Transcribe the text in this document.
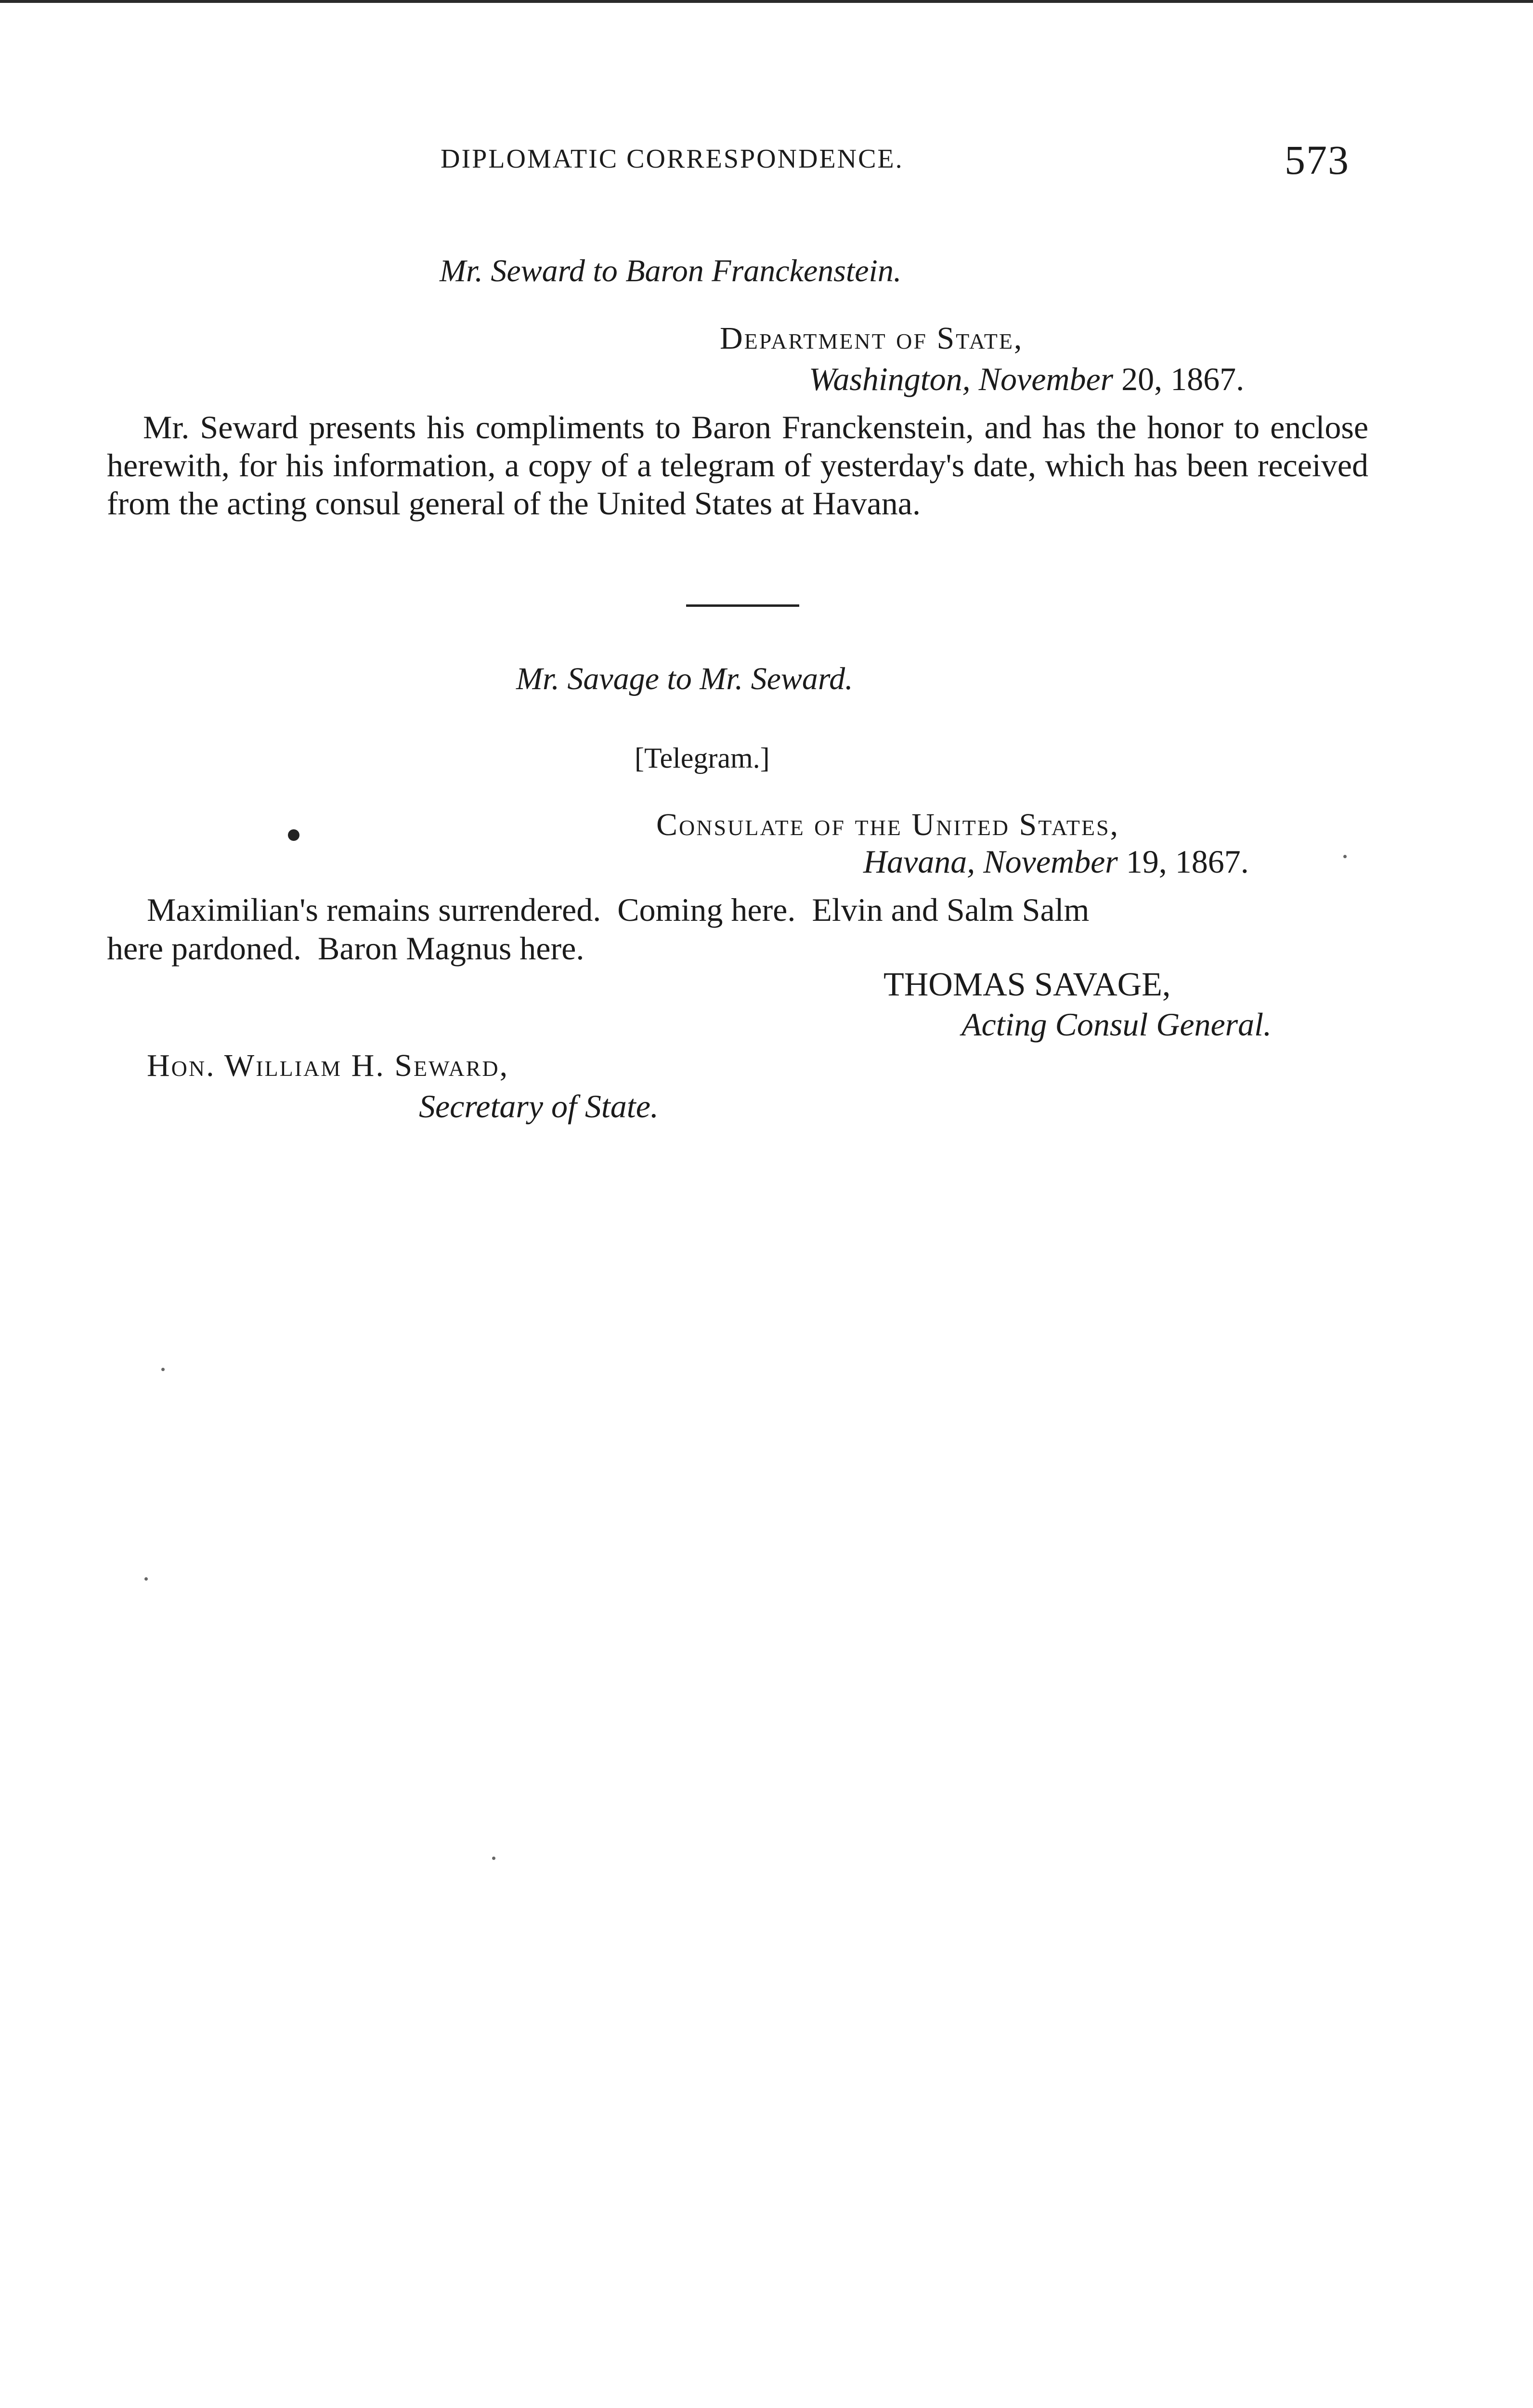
DIPLOMATIC CORRESPONDENCE.	573
Mr. Seward to Baron Franckenstein.
Department of State,
Washington, November 20, 1867.
Mr. Seward presents his compliments to Baron Franckenstein, and has the honor to enclose herewith, for his information, a copy of a telegram of yesterday's date, which has been received from the acting consul general of the United States at Havana.
Mr. Savage to Mr. Seward.
[Telegram.]
Consulate of the United States,
Havana, November 19, 1867.
Maximilian's remains surrendered.  Coming here.  Elvin and Salm Salm
here pardoned.  Baron Magnus here.
THOMAS SAVAGE,
Acting Consul General.
Hon. William H. Seward,
Secretary of State.
